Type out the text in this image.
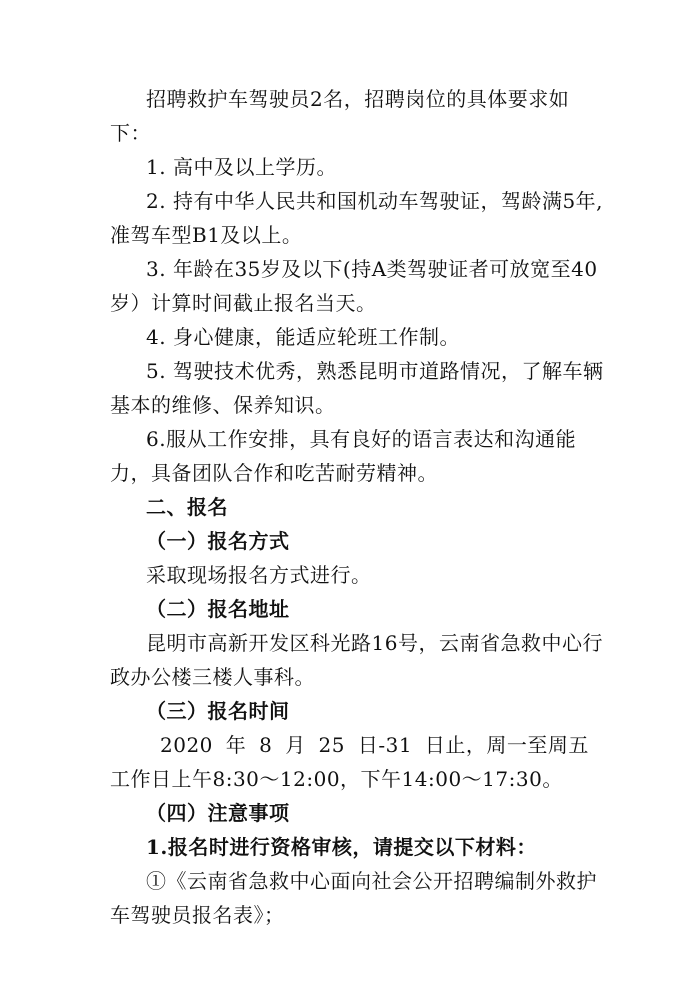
招聘救护车驾驶员2名，招聘岗位的具体要求如下：

1. 高中及以上学历。

2. 持有中华人民共和国机动车驾驶证，驾龄满5年,准驾车型B1及以上。

3. 年龄在35岁及以下(持A类驾驶证者可放宽至40岁）计算时间截止报名当天。

4. 身心健康，能适应轮班工作制。

5. 驾驶技术优秀，熟悉昆明市道路情况，了解车辆基本的维修、保养知识。

6.服从工作安排，具有良好的语言表达和沟通能力，具备团队合作和吃苦耐劳精神。

二、报名

（一）报名方式

采取现场报名方式进行。

（二）报名地址

昆明市高新开发区科光路16号，云南省急救中心行政办公楼三楼人事科。

（三）报名时间

2020 年 8 月 25 日-31 日止，周一至周五工作日上午8:30～12:00，下午14:00～17:30。

（四）注意事项

1.报名时进行资格审核，请提交以下材料：

①《云南省急救中心面向社会公开招聘编制外救护车驾驶员报名表》；
